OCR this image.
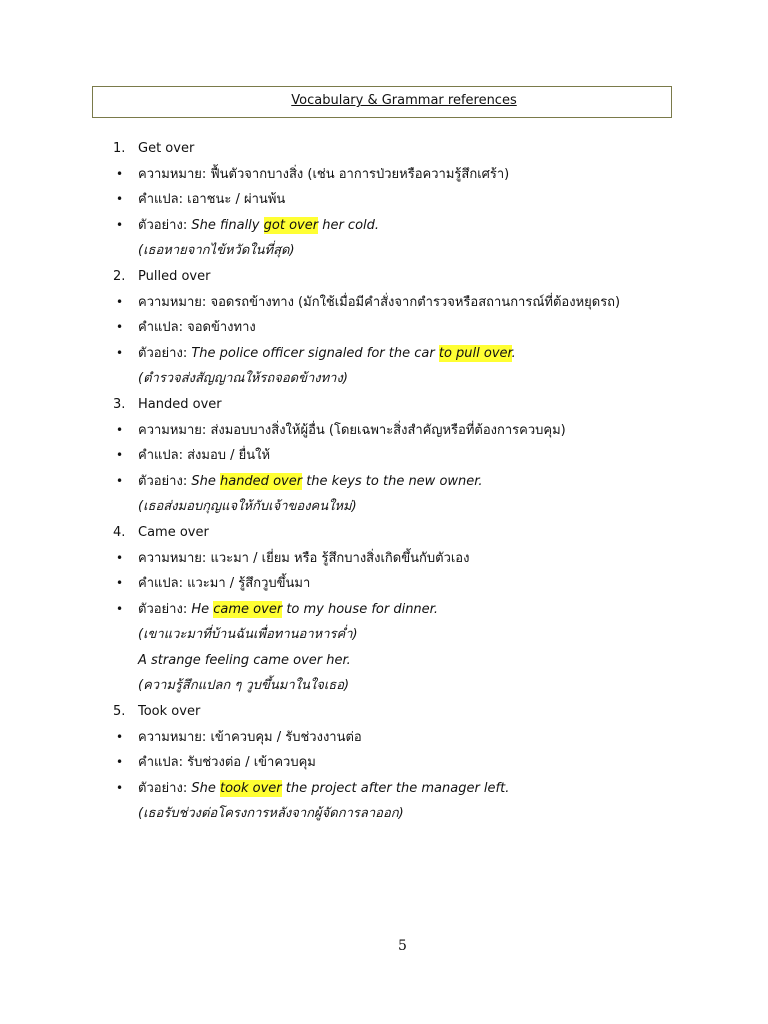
Vocabulary & Grammar references
1. Get over
• ความหมาย: ฟื้นตัวจากบางสิ่ง (เช่น อาการป่วยหรือความรู้สึกเศร้า)
• คำแปล: เอาชนะ / ผ่านพ้น
• ตัวอย่าง: She finally got over her cold.
(เธอหายจากไข้หวัดในที่สุด)
2. Pulled over
• ความหมาย: จอดรถข้างทาง (มักใช้เมื่อมีคำสั่งจากตำรวจหรือสถานการณ์ที่ต้องหยุดรถ)
• คำแปล: จอดข้างทาง
• ตัวอย่าง: The police officer signaled for the car to pull over.
(ตำรวจส่งสัญญาณให้รถจอดข้างทาง)
3. Handed over
• ความหมาย: ส่งมอบบางสิ่งให้ผู้อื่น (โดยเฉพาะสิ่งสำคัญหรือที่ต้องการควบคุม)
• คำแปล: ส่งมอบ / ยื่นให้
• ตัวอย่าง: She handed over the keys to the new owner.
(เธอส่งมอบกุญแจให้กับเจ้าของคนใหม่)
4. Came over
• ความหมาย: แวะมา / เยี่ยม หรือ รู้สึกบางสิ่งเกิดขึ้นกับตัวเอง
• คำแปล: แวะมา / รู้สึกวูบขึ้นมา
• ตัวอย่าง: He came over to my house for dinner.
(เขาแวะมาที่บ้านฉันเพื่อทานอาหารค่ำ)
A strange feeling came over her.
(ความรู้สึกแปลก ๆ วูบขึ้นมาในใจเธอ)
5. Took over
• ความหมาย: เข้าควบคุม / รับช่วงงานต่อ
• คำแปล: รับช่วงต่อ / เข้าควบคุม
• ตัวอย่าง: She took over the project after the manager left.
(เธอรับช่วงต่อโครงการหลังจากผู้จัดการลาออก)
5
